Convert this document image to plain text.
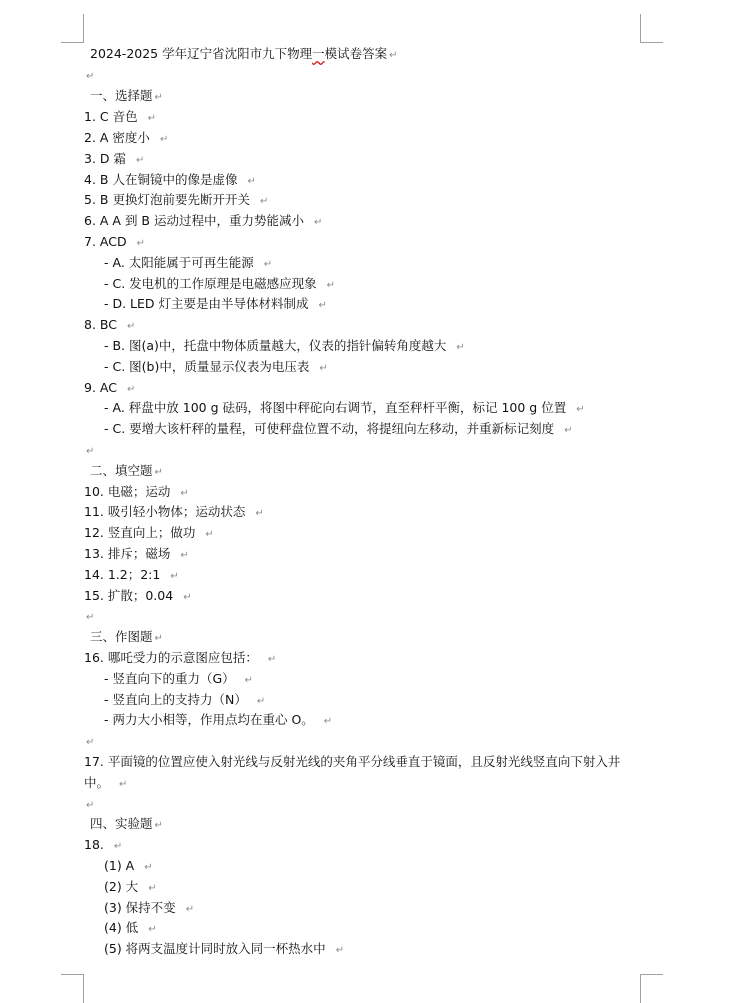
2024-2025 学年辽宁省沈阳市九下物理一模试卷答案 ↵
↵
一、选择题 ↵
1. C 音色 ↵
2. A 密度小 ↵
3. D 霜 ↵
4. B 人在铜镜中的像是虚像 ↵
5. B 更换灯泡前要先断开开关 ↵
6. A A 到 B 运动过程中，重力势能减小 ↵
7. ACD ↵
- A. 太阳能属于可再生能源 ↵
- C. 发电机的工作原理是电磁感应现象 ↵
- D. LED 灯主要是由半导体材料制成 ↵
8. BC ↵
- B. 图(a)中，托盘中物体质量越大，仪表的指针偏转角度越大 ↵
- C. 图(b)中，质量显示仪表为电压表 ↵
9. AC ↵
- A. 秤盘中放 100 g 砝码，将图中秤砣向右调节，直至秤杆平衡，标记 100 g 位置 ↵
- C. 要增大该杆秤的量程，可使秤盘位置不动，将提纽向左移动，并重新标记刻度 ↵
↵
二、填空题 ↵
10. 电磁；运动 ↵
11. 吸引轻小物体；运动状态 ↵
12. 竖直向上；做功 ↵
13. 排斥；磁场 ↵
14. 1.2；2:1 ↵
15. 扩散；0.04 ↵
↵
三、作图题 ↵
16. 哪吒受力的示意图应包括： ↵
- 竖直向下的重力（G） ↵
- 竖直向上的支持力（N） ↵
- 两力大小相等，作用点均在重心 O。 ↵
↵
17. 平面镜的位置应使入射光线与反射光线的夹角平分线垂直于镜面，且反射光线竖直向下射入井中。 ↵
↵
四、实验题 ↵
18. ↵
(1) A ↵
(2) 大 ↵
(3) 保持不变 ↵
(4) 低 ↵
(5) 将两支温度计同时放入同一杯热水中 ↵
